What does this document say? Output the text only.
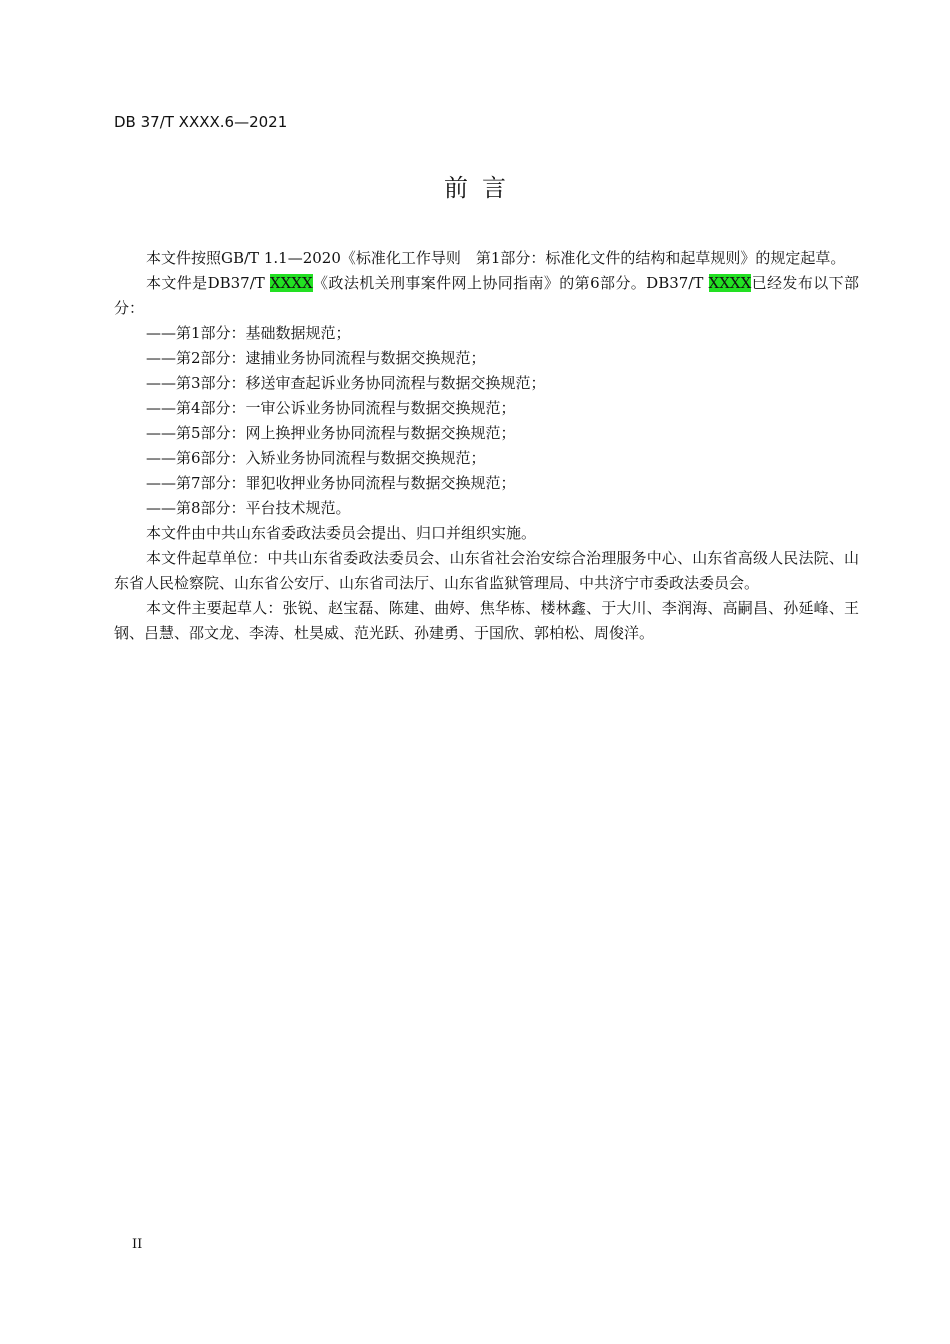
DB 37/T XXXX.6—2021
前言

本文件按照GB/T 1.1—2020《标准化工作导则　第1部分：标准化文件的结构和起草规则》的规定起草。

本文件是DB37/T XXXX《政法机关刑事案件网上协同指南》的第6部分。DB37/T XXXX已经发布以下部分：

——第1部分：基础数据规范；

——第2部分：逮捕业务协同流程与数据交换规范；

——第3部分：移送审查起诉业务协同流程与数据交换规范；

——第4部分：一审公诉业务协同流程与数据交换规范；

——第5部分：网上换押业务协同流程与数据交换规范；

——第6部分：入矫业务协同流程与数据交换规范；

——第7部分：罪犯收押业务协同流程与数据交换规范；

——第8部分：平台技术规范。

本文件由中共山东省委政法委员会提出、归口并组织实施。

本文件起草单位：中共山东省委政法委员会、山东省社会治安综合治理服务中心、山东省高级人民法院、山东省人民检察院、山东省公安厅、山东省司法厅、山东省监狱管理局、中共济宁市委政法委员会。

本文件主要起草人：张锐、赵宝磊、陈建、曲婷、焦华栋、楼林鑫、于大川、李润海、高嗣昌、孙延峰、王钢、吕慧、邵文龙、李涛、杜昊威、范光跃、孙建勇、于国欣、郭柏松、周俊洋。

II
